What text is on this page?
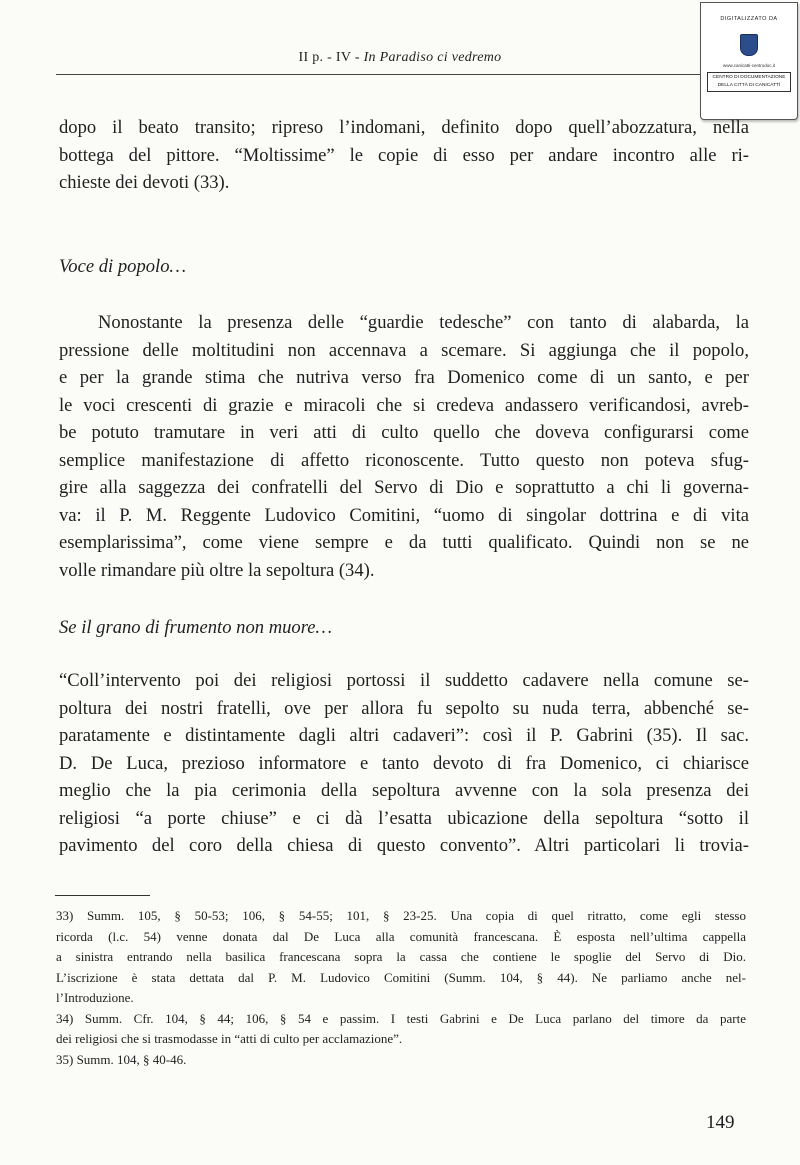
II p. - IV - In Paradiso ci vedremo
DIGITALIZZATO DA
www.canicatti-centrodoc.it
CENTRO DI DOCUMENTAZIONE
DELLA CITTÀ DI CANICATTÌ
dopo il beato transito; ripreso l’indomani, definito dopo quell’abozzatura, nella
bottega del pittore. “Moltissime” le copie di esso per andare incontro alle ri-
chieste dei devoti (33).
Voce di popolo…
Nonostante la presenza delle “guardie tedesche” con tanto di alabarda, la
pressione delle moltitudini non accennava a scemare. Si aggiunga che il popolo,
e per la grande stima che nutriva verso fra Domenico come di un santo, e per
le voci crescenti di grazie e miracoli che si credeva andassero verificandosi, avreb-
be potuto tramutare in veri atti di culto quello che doveva configurarsi come
semplice manifestazione di affetto riconoscente. Tutto questo non poteva sfug-
gire alla saggezza dei confratelli del Servo di Dio e soprattutto a chi li governa-
va: il P. M. Reggente Ludovico Comitini, “uomo di singolar dottrina e di vita
esemplarissima”, come viene sempre e da tutti qualificato. Quindi non se ne
volle rimandare più oltre la sepoltura (34).
Se il grano di frumento non muore…
“Coll’intervento poi dei religiosi portossi il suddetto cadavere nella comune se-
poltura dei nostri fratelli, ove per allora fu sepolto su nuda terra, abbenché se-
paratamente e distintamente dagli altri cadaveri”: così il P. Gabrini (35). Il sac.
D. De Luca, prezioso informatore e tanto devoto di fra Domenico, ci chiarisce
meglio che la pia cerimonia della sepoltura avvenne con la sola presenza dei
religiosi “a porte chiuse” e ci dà l’esatta ubicazione della sepoltura “sotto il
pavimento del coro della chiesa di questo convento”. Altri particolari li trovia-
33) Summ. 105, § 50-53; 106, § 54-55; 101, § 23-25. Una copia di quel ritratto, come egli stesso
ricorda (l.c. 54) venne donata dal De Luca alla comunità francescana. È esposta nell’ultima cappella
a sinistra entrando nella basilica francescana sopra la cassa che contiene le spoglie del Servo di Dio.
L’iscrizione è stata dettata dal P. M. Ludovico Comitini (Summ. 104, § 44). Ne parliamo anche nel-
l’Introduzione.
34) Summ. Cfr. 104, § 44; 106, § 54 e passim. I testi Gabrini e De Luca parlano del timore da parte
dei religiosi che si trasmodasse in “atti di culto per acclamazione”.
35) Summ. 104, § 40-46.
149
